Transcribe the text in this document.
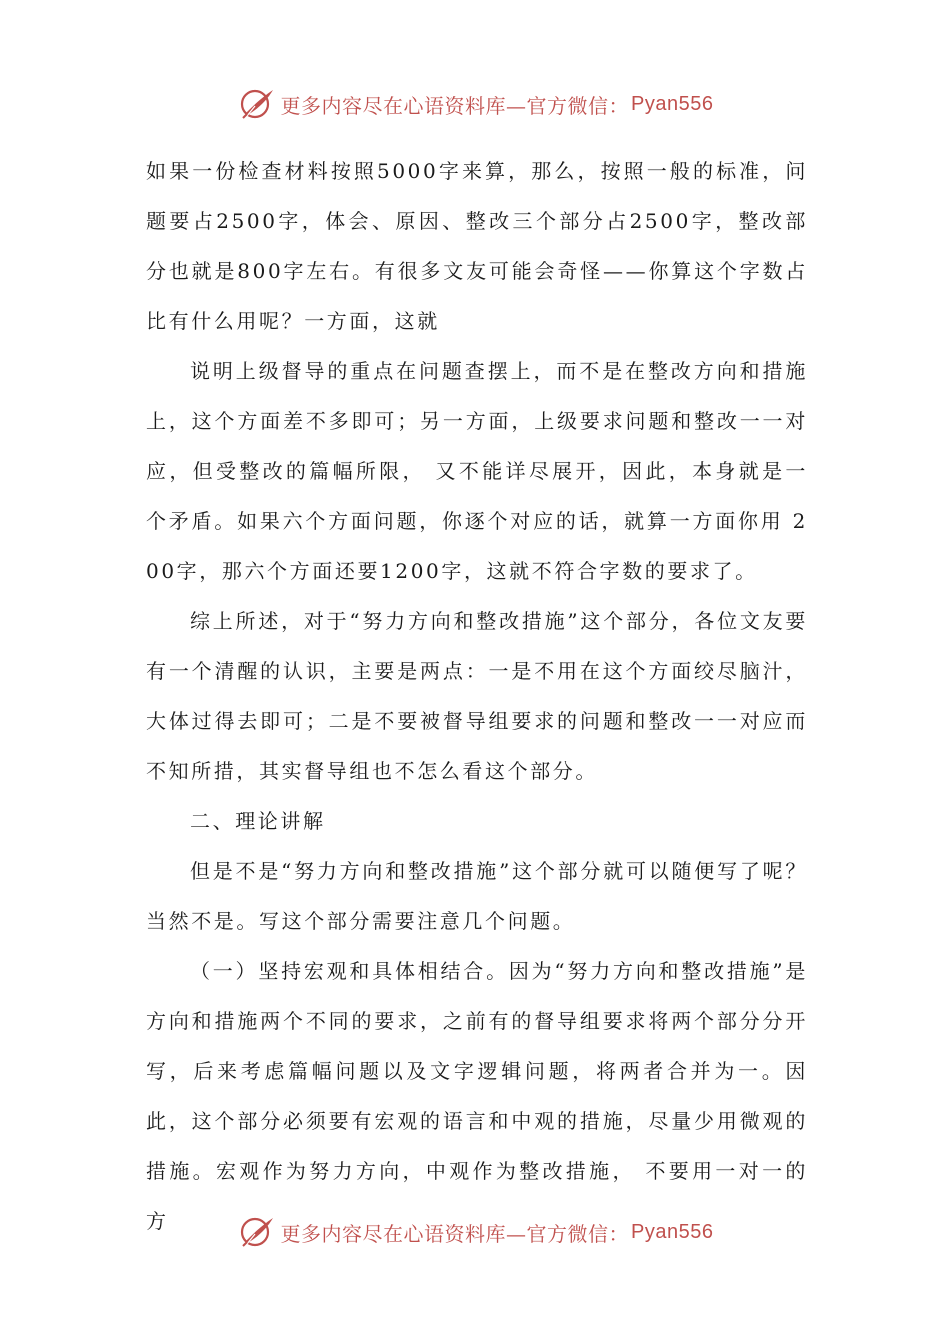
更多内容尽在心语资料库—官方微信： Pyan556

如果一份检查材料按照5000字来算，那么，按照一般的标准，问题要占2500字，体会、原因、整改三个部分占2500字，整改部分也就是800字左右。有很多文友可能会奇怪——你算这个字数占比有什么用呢？一方面，这就

说明上级督导的重点在问题查摆上，而不是在整改方向和措施上，这个方面差不多即可；另一方面，上级要求问题和整改一一对应，但受整改的篇幅所限， 又不能详尽展开，因此，本身就是一个矛盾。如果六个方面问题，你逐个对应的话，就算一方面你用 200字，那六个方面还要1200字，这就不符合字数的要求了。

综上所述，对于“努力方向和整改措施”这个部分，各位文友要有一个清醒的认识，主要是两点：一是不用在这个方面绞尽脑汁，大体过得去即可；二是不要被督导组要求的问题和整改一一对应而不知所措，其实督导组也不怎么看这个部分。

二、理论讲解

但是不是“努力方向和整改措施”这个部分就可以随便写了呢？当然不是。写这个部分需要注意几个问题。

（一）坚持宏观和具体相结合。因为“努力方向和整改措施”是方向和措施两个不同的要求，之前有的督导组要求将两个部分分开写，后来考虑篇幅问题以及文字逻辑问题，将两者合并为一。因此，这个部分必须要有宏观的语言和中观的措施，尽量少用微观的措施。宏观作为努力方向，中观作为整改措施， 不要用一对一的方

更多内容尽在心语资料库—官方微信： Pyan556
